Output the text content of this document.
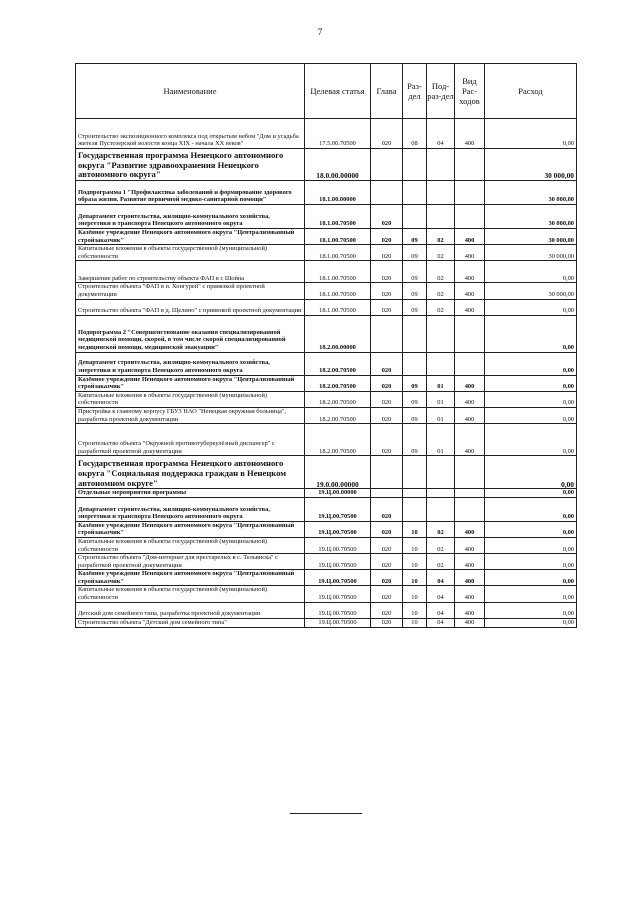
7
Наименование	Целевая статья	Глава	Раз-дел	Под-раз-дел	Вид Рас-ходов	Расход
Строительство экспозиционного комплекса под открытым небом "Дом и усадьба жителя Пустозерской волости конца XIX - начала XX веков"	17.5.00.70500	020	08	04	400	0,00
Государственная программа Ненецкого автономного округа "Развитие здравоохранения Ненецкого автономного округа"	18.0.00.00000					30 000,00
Подпрограмма 1 "Профилактика заболеваний и формирование здорового образа жизни. Развитие первичной медико-санитарной помощи"	18.1.00.00000					30 000,00
Департамент строительства, жилищно-коммунального хозяйства, энергетики и транспорта Ненецкого автономного округа	18.1.00.70500	020				30 000,00
Казённое учреждение Ненецкого автономного округа "Централизованный стройзаказчик"	18.1.00.70500	020	09	02	400	30 000,00
Капитальные вложения в объекты государственной (муниципальной) собственности	18.1.00.70500	020	09	02	400	30 000,00
Завершение работ по строительству объекта ФАП в с Шойна	18.1.00.70500	020	09	02	400	0,00
Строительство объекта "ФАП в п. Хонгурей" с привязкой проектной документации	18.1.00.70500	020	09	02	400	30 000,00
Строительство объекта "ФАП в д. Щелино" с привязкой проектной документации	18.1.00.70500	020	09	02	400	0,00
Подпрограмма 2 "Совершенствование оказания специализированной медицинской помощи, скорой, в том числе скорой специализированной медицинской помощи, медицинской эвакуации"	18.2.00.00000					0,00
Департамент строительства, жилищно-коммунального хозяйства, энергетики и транспорта Ненецкого автономного округа	18.2.00.70500	020				0,00
Казённое учреждение Ненецкого автономного округа "Централизованный стройзаказчик"	18.2.00.70500	020	09	01	400	0,00
Капитальные вложения в объекты государственной (муниципальной) собственности	18.2.00.70500	020	09	01	400	0,00
Пристройка к главному корпусу ГБУЗ НАО "Ненецкая окружная больница", разработка проектной документации	18.2.00.70500	020	09	01	400	0,00
Строительство объекта "Окружной противотуберкулёзный диспансер" с разработкой проектной документации	18.2.00.70500	020	09	01	400	0,00
Государственная программа Ненецкого автономного округа "Социальная поддержка граждан в Ненецком автономном округе"	19.0.00.00000					0,00
Отдельные мероприятия программы	19.Ц.00.00000					0,00
Департамент строительства, жилищно-коммунального хозяйства, энергетики и транспорта Ненецкого автономного округа	19.Ц.00.70500	020				0,00
Казённое учреждение Ненецкого автономного округа "Централизованный стройзаказчик"	19.Ц.00.70500	020	10	02	400	0,00
Капитальные вложения в объекты государственной (муниципальной) собственности	19.Ц.00.70500	020	10	02	400	0,00
Строительство объекта "Дом-интернат для престарелых в с. Тельвиска" с разработкой проектной документации	19.Ц.00.70500	020	10	02	400	0,00
Казённое учреждение Ненецкого автономного округа "Централизованный стройзаказчик"	19.Ц.00.70500	020	10	04	400	0,00
Капитальные вложения в объекты государственной (муниципальной) собственности	19.Ц.00.70500	020	10	04	400	0,00
Детский дом семейного типа, разработка проектной документации	19.Ц.00.70500	020	10	04	400	0,00
Строительство объекта "Детский дом семейного типа"	19.Ц.00.70500	020	10	04	400	0,00
